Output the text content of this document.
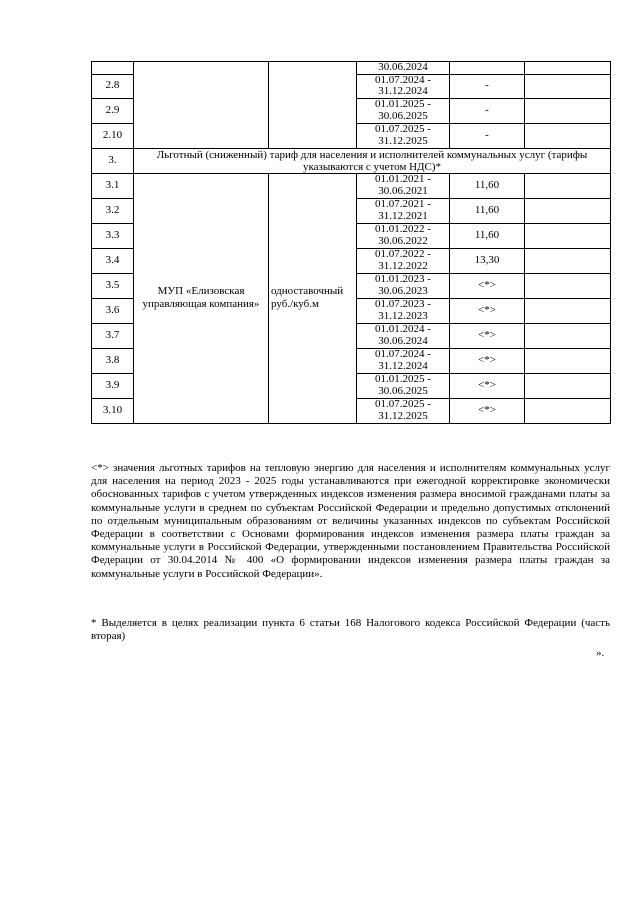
			30.06.2024		
2.8			01.07.2024 - 31.12.2024	-	
2.9			01.01.2025 - 30.06.2025	-	
2.10			01.07.2025 - 31.12.2025	-	
3.	Льготный (сниженный) тариф для населения и исполнителей коммунальных услуг (тарифы указываются с учетом НДС)*				
3.1	МУП «Елизовская управляющая компания»	одноставочный руб./куб.м	01.01.2021 - 30.06.2021	11,60	
3.2			01.07.2021 - 31.12.2021	11,60	
3.3			01.01.2022 - 30.06.2022	11,60	
3.4			01.07.2022 - 31.12.2022	13,30	
3.5			01.01.2023 - 30.06.2023	<*>	
3.6			01.07.2023 - 31.12.2023	<*>	
3.7			01.01.2024 - 30.06.2024	<*>	
3.8			01.07.2024 - 31.12.2024	<*>	
3.9			01.01.2025 - 30.06.2025	<*>	
3.10			01.07.2025 - 31.12.2025	<*>	

<*> значения льготных тарифов на тепловую энергию для населения и исполнителям коммунальных услуг для населения на период 2023 - 2025 годы устанавливаются при ежегодной корректировке экономически обоснованных тарифов с учетом утвержденных индексов изменения размера вносимой гражданами платы за коммунальные услуги в среднем по субъектам Российской Федерации и предельно допустимых отклонений по отдельным муниципальным образованиям от величины указанных индексов по субъектам Российской Федерации в соответствии с Основами формирования индексов изменения размера платы граждан за коммунальные услуги в Российской Федерации, утвержденными постановлением Правительства Российской Федерации от 30.04.2014 № 400 «О формировании индексов изменения размера платы граждан за коммунальные услуги в Российской Федерации».

* Выделяется в целях реализации пункта 6 статьи 168 Налогового кодекса Российской Федерации (часть вторая)

».
